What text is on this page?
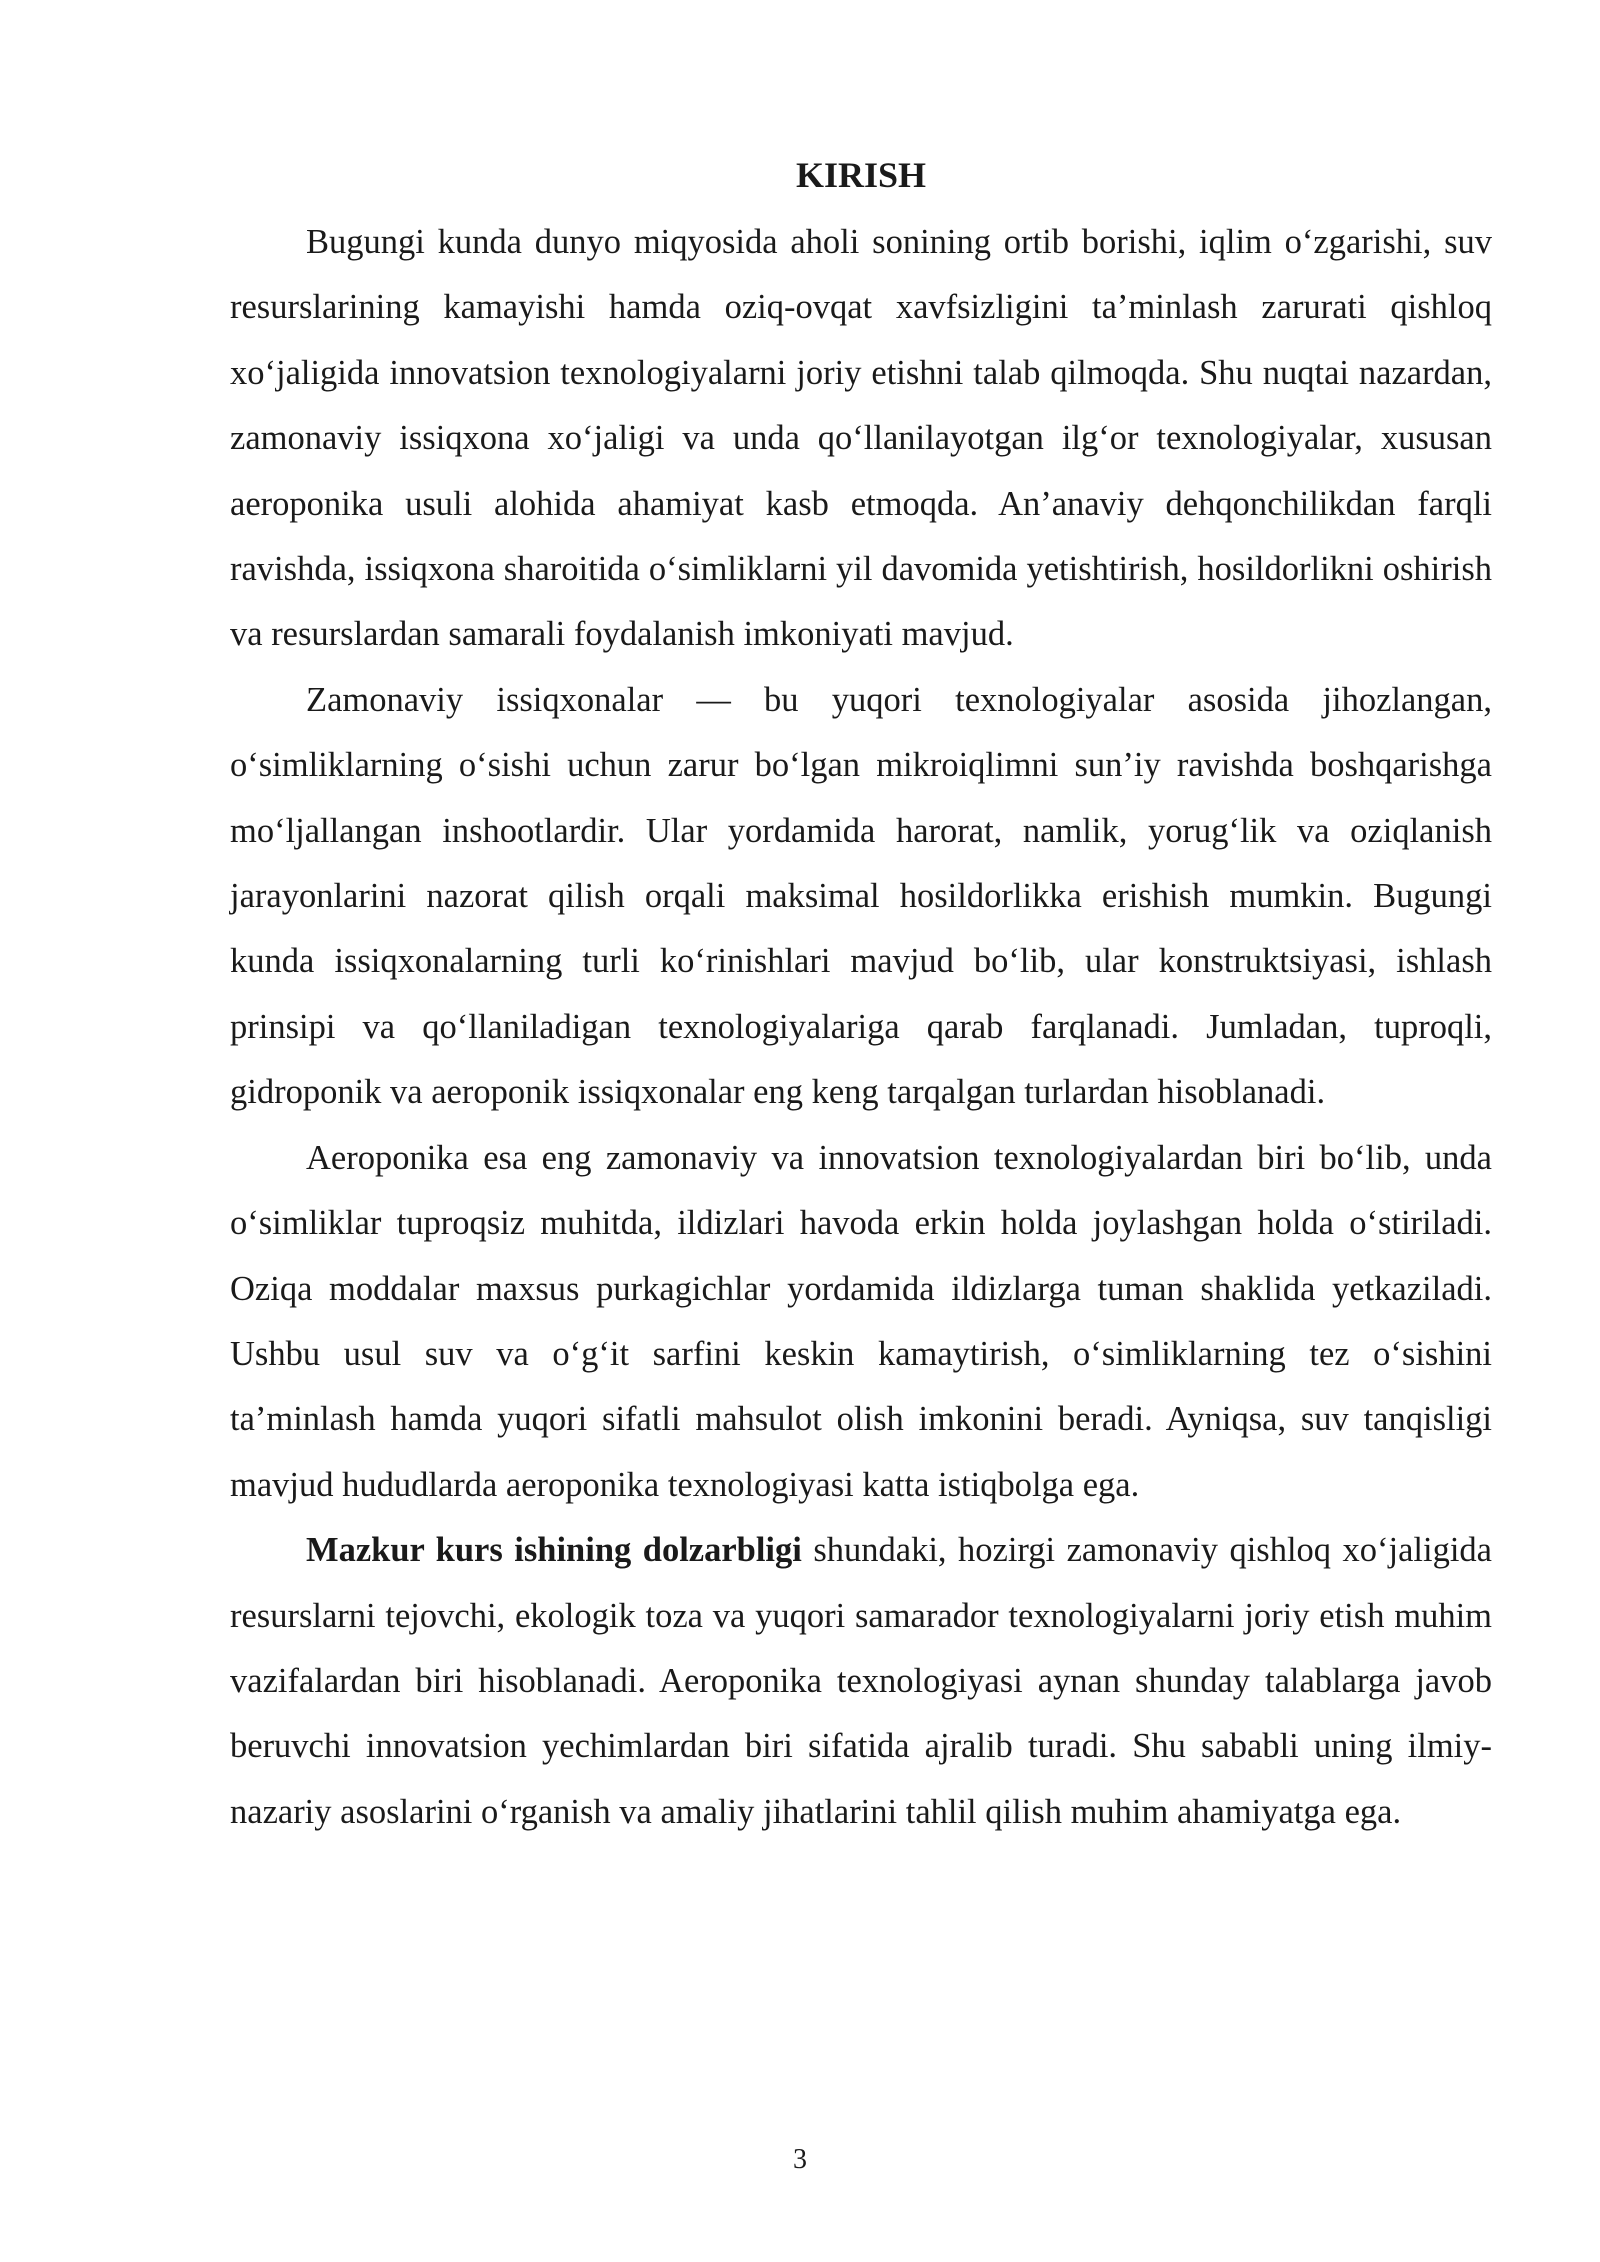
KIRISH

Bugungi kunda dunyo miqyosida aholi sonining ortib borishi, iqlim o‘zgarishi, suv resurslarining kamayishi hamda oziq-ovqat xavfsizligini ta’minlash zarurati qishloq xo‘jaligida innovatsion texnologiyalarni joriy etishni talab qilmoqda. Shu nuqtai nazardan, zamonaviy issiqxona xo‘jaligi va unda qo‘llanilayotgan ilg‘or texnologiyalar, xususan aeroponika usuli alohida ahamiyat kasb etmoqda. An’anaviy dehqonchilikdan farqli ravishda, issiqxona sharoitida o‘simliklarni yil davomida yetishtirish, hosildorlikni oshirish va resurslardan samarali foydalanish imkoniyati mavjud.

Zamonaviy issiqxonalar — bu yuqori texnologiyalar asosida jihozlangan, o‘simliklarning o‘sishi uchun zarur bo‘lgan mikroiqlimni sun’iy ravishda boshqarishga mo‘ljallangan inshootlardir. Ular yordamida harorat, namlik, yorug‘lik va oziqlanish jarayonlarini nazorat qilish orqali maksimal hosildorlikka erishish mumkin. Bugungi kunda issiqxonalarning turli ko‘rinishlari mavjud bo‘lib, ular konstruktsiyasi, ishlash prinsipi va qo‘llaniladigan texnologiyalariga qarab farqlanadi. Jumladan, tuproqli, gidroponik va aeroponik issiqxonalar eng keng tarqalgan turlardan hisoblanadi.

Aeroponika esa eng zamonaviy va innovatsion texnologiyalardan biri bo‘lib, unda o‘simliklar tuproqsiz muhitda, ildizlari havoda erkin holda joylashgan holda o‘stiriladi. Oziqa moddalar maxsus purkagichlar yordamida ildizlarga tuman shaklida yetkaziladi. Ushbu usul suv va o‘g‘it sarfini keskin kamaytirish, o‘simliklarning tez o‘sishini ta’minlash hamda yuqori sifatli mahsulot olish imkonini beradi. Ayniqsa, suv tanqisligi mavjud hududlarda aeroponika texnologiyasi katta istiqbolga ega.

Mazkur kurs ishining dolzarbligi shundaki, hozirgi zamonaviy qishloq xo‘jaligida resurslarni tejovchi, ekologik toza va yuqori samarador texnologiyalarni joriy etish muhim vazifalardan biri hisoblanadi. Aeroponika texnologiyasi aynan shunday talablarga javob beruvchi innovatsion yechimlardan biri sifatida ajralib turadi. Shu sababli uning ilmiy-nazariy asoslarini o‘rganish va amaliy jihatlarini tahlil qilish muhim ahamiyatga ega.

3
